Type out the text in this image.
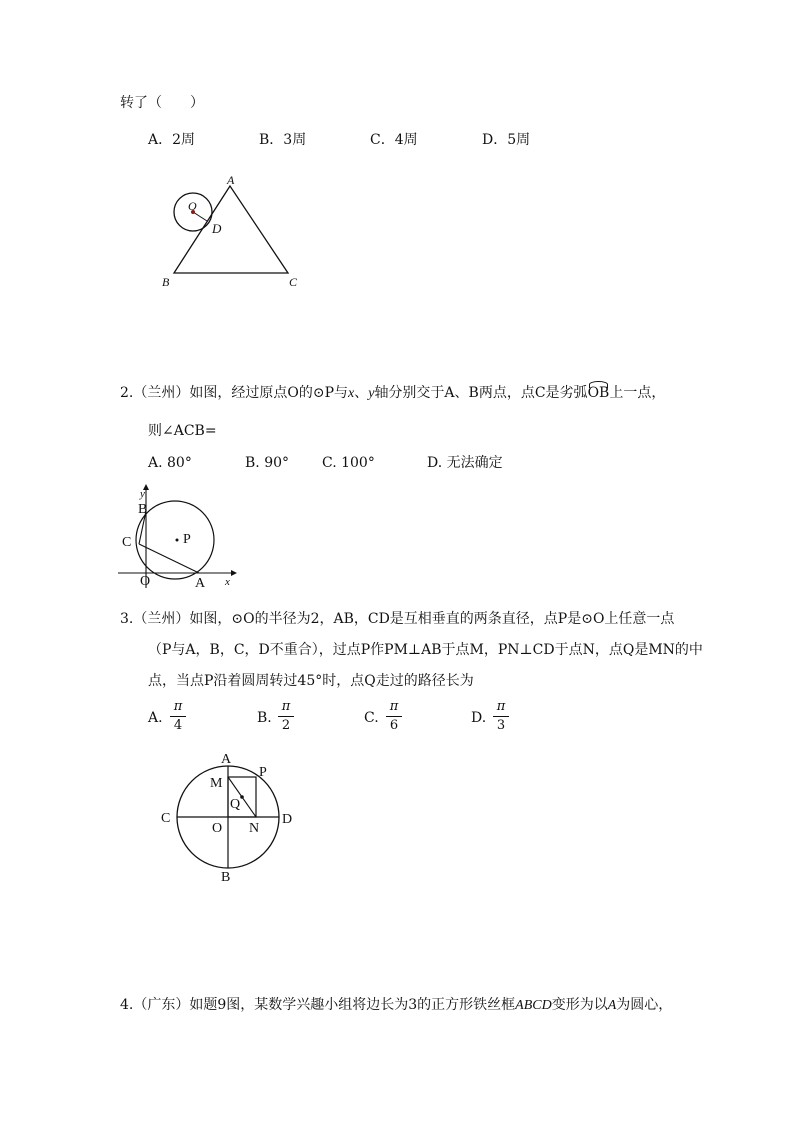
转了（　　）
A．2周	B．3周	C．4周	D．5周
A
O
D
B	C
2.（兰州）如图，经过原点O的⊙P与x、y轴分别交于A、B两点，点C是劣弧
OB上一点，
则∠ACB=
A. 80°	B. 90° C. 100°	D. 无法确定
y
B
C	P
O	A x
3.（兰州）如图，⊙O的半径为2，AB，CD是互相垂直的两条直径，点P是⊙O上任意一点
（P与A，B，C，D不重合），过点P作PM⊥AB于点M，PN⊥CD于点N，点Q是MN的中
点，当点P沿着圆周转过45°时，点Q走过的路径长为
A.
π
4	B.
π
2	C.
π
6	D.
π
3
A
P
M
Q
C
O N
D
B
4.（广东）如题9图，某数学兴趣小组将边长为3的正方形铁丝框ABCD变形为以A为圆心，
